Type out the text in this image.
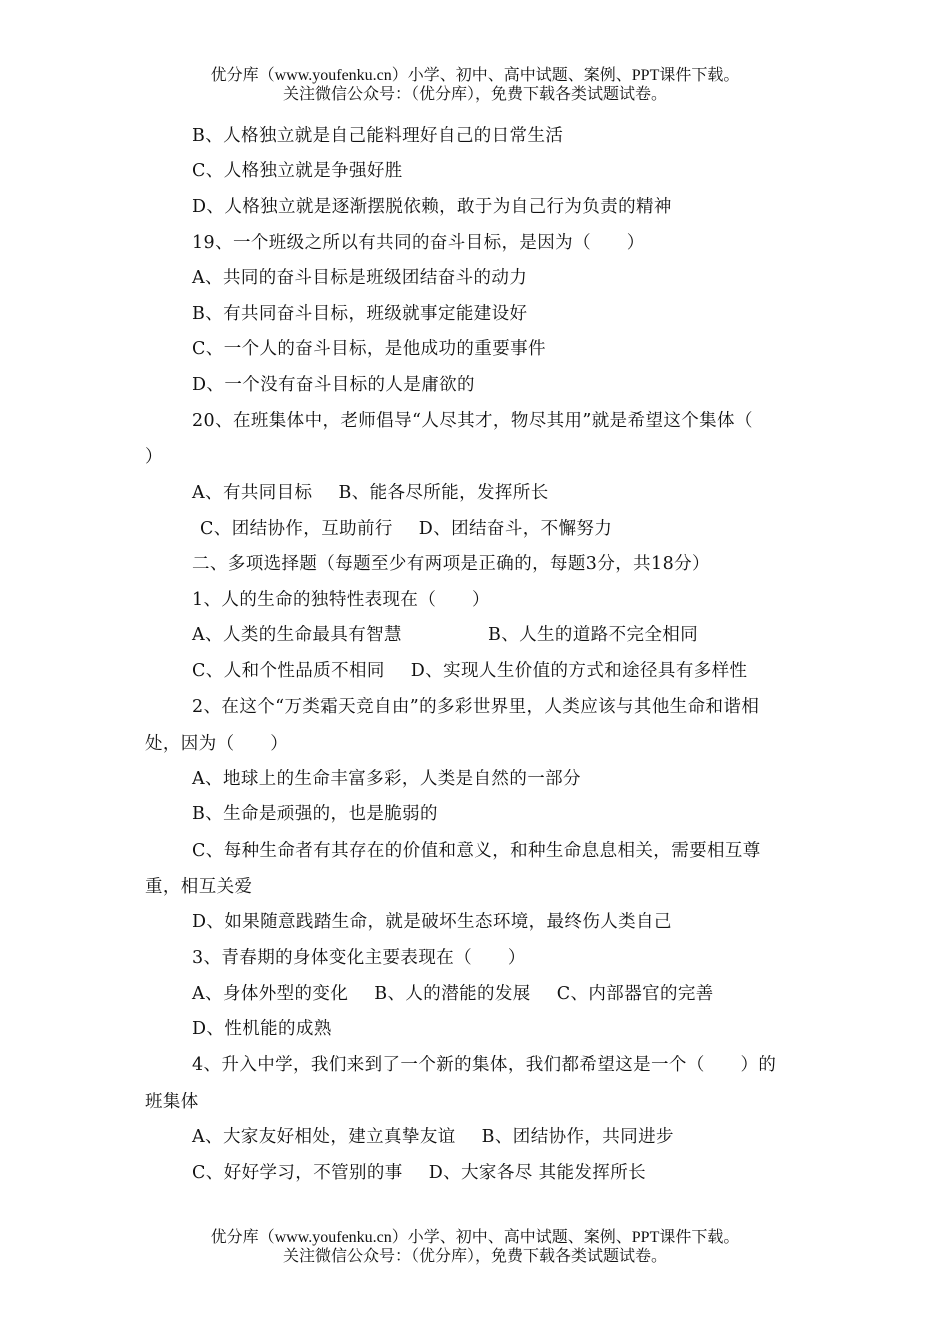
优分库（www.youfenku.cn）小学、初中、高中试题、案例、PPT课件下载。
关注微信公众号：（优分库），免费下载各类试题试卷。
B、人格独立就是自己能料理好自己的日常生活
C、人格独立就是争强好胜
D、人格独立就是逐渐摆脱依赖，敢于为自己行为负责的精神
19、一个班级之所以有共同的奋斗目标，是因为（　　）
A、共同的奋斗目标是班级团结奋斗的动力
B、有共同奋斗目标，班级就事定能建设好
C、一个人的奋斗目标，是他成功的重要事件
D、一个没有奋斗目标的人是庸欲的
20、在班集体中，老师倡导“人尽其才，物尽其用”就是希望这个集体（
）
A、有共同目标 B、能各尽所能，发挥所长
C、团结协作，互助前行 D、团结奋斗，不懈努力
二、多项选择题（每题至少有两项是正确的，每题3分，共18分）
1、人的生命的独特性表现在（　　）
A、人类的生命最具有智慧	B、人生的道路不完全相同
C、人和个性品质不相同 D、实现人生价值的方式和途径具有多样性
2、在这个“万类霜天竞自由”的多彩世界里，人类应该与其他生命和谐相
处，因为（　　）
A、地球上的生命丰富多彩，人类是自然的一部分
B、生命是顽强的，也是脆弱的
C、每种生命者有其存在的价值和意义，和种生命息息相关，需要相互尊
重，相互关爱
D、如果随意践踏生命，就是破坏生态环境，最终伤人类自己
3、青春期的身体变化主要表现在（　　）
A、身体外型的变化 B、人的潜能的发展 C、内部器官的完善
D、性机能的成熟
4、升入中学，我们来到了一个新的集体，我们都希望这是一个（　　）的
班集体
A、大家友好相处，建立真挚友谊 B、团结协作，共同进步
C、好好学习，不管别的事 D、大家各尽 其能发挥所长
优分库（www.youfenku.cn）小学、初中、高中试题、案例、PPT课件下载。
关注微信公众号：（优分库），免费下载各类试题试卷。
